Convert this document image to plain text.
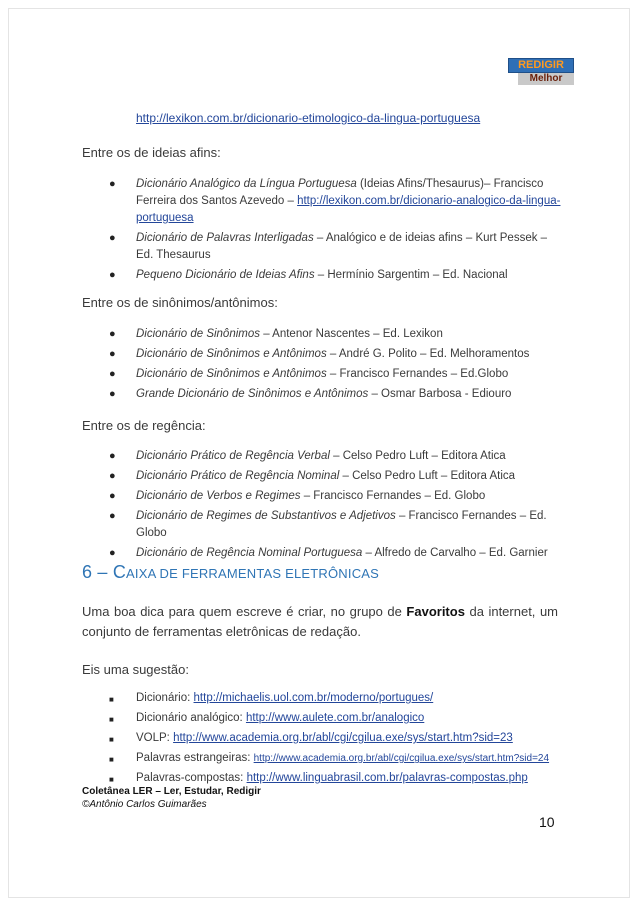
REDIGIR
Melhor
http://lexikon.com.br/dicionario-etimologico-da-lingua-portuguesa
Entre os de ideias afins:
● Dicionário Analógico da Língua Portuguesa (Ideias Afins/Thesaurus)– Francisco Ferreira dos Santos Azevedo – http://lexikon.com.br/dicionario-analogico-da-lingua-portuguesa
● Dicionário de Palavras Interligadas – Analógico e de ideias afins – Kurt Pessek – Ed. Thesaurus
● Pequeno Dicionário de Ideias Afins – Hermínio Sargentim – Ed. Nacional
Entre os de sinônimos/antônimos:
● Dicionário de Sinônimos – Antenor Nascentes – Ed. Lexikon
● Dicionário de Sinônimos e Antônimos – André G. Polito – Ed. Melhoramentos
● Dicionário de Sinônimos e Antônimos – Francisco Fernandes – Ed.Globo
● Grande Dicionário de Sinônimos e Antônimos – Osmar Barbosa - Ediouro
Entre os de regência:
● Dicionário Prático de Regência Verbal – Celso Pedro Luft – Editora Atica
● Dicionário Prático de Regência Nominal – Celso Pedro Luft – Editora Atica
● Dicionário de Verbos e Regimes – Francisco Fernandes – Ed. Globo
● Dicionário de Regimes de Substantivos e Adjetivos – Francisco Fernandes – Ed. Globo
● Dicionário de Regência Nominal Portuguesa – Alfredo de Carvalho – Ed. Garnier
6 – CAIXA DE FERRAMENTAS ELETRÔNICAS
Uma boa dica para quem escreve é criar, no grupo de Favoritos da internet, um conjunto de ferramentas eletrônicas de redação.
Eis uma sugestão:
■ Dicionário: http://michaelis.uol.com.br/moderno/portugues/
■ Dicionário analógico: http://www.aulete.com.br/analogico
■ VOLP: http://www.academia.org.br/abl/cgi/cgilua.exe/sys/start.htm?sid=23
■ Palavras estrangeiras: http://www.academia.org.br/abl/cgi/cgilua.exe/sys/start.htm?sid=24
■ Palavras-compostas: http://www.linguabrasil.com.br/palavras-compostas.php
Coletânea LER – Ler, Estudar, Redigir
©Antônio Carlos Guimarães
10
